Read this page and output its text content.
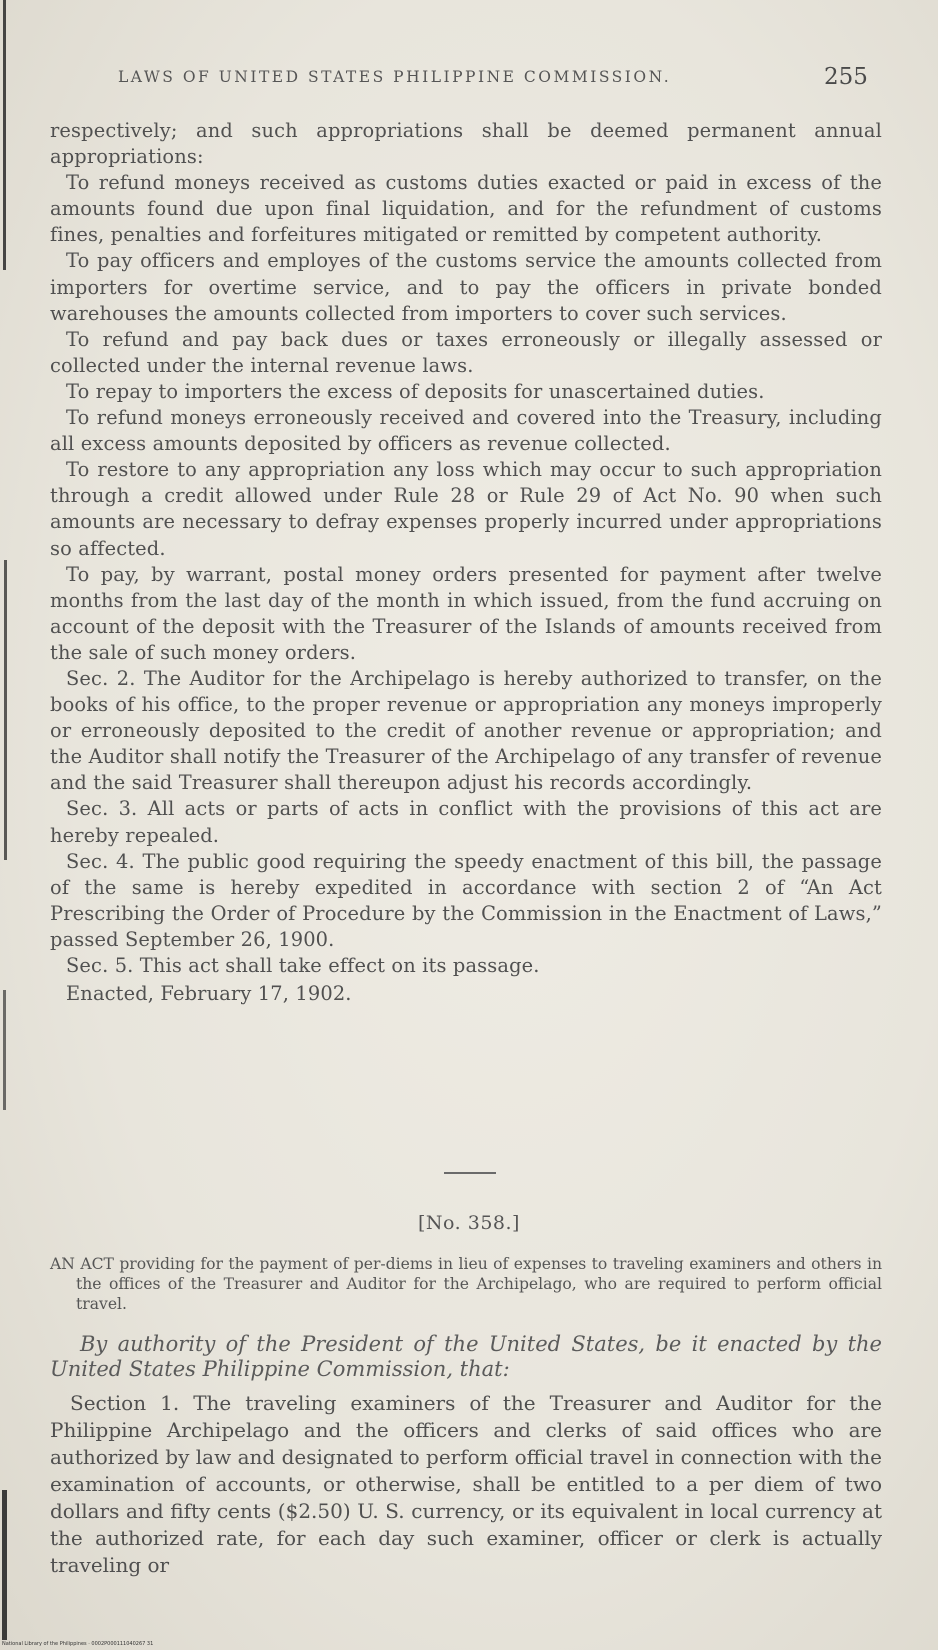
LAWS OF UNITED STATES PHILIPPINE COMMISSION.	255

respectively; and such appropriations shall be deemed permanent annual appropriations:

To refund moneys received as customs duties exacted or paid in excess of the amounts found due upon final liquidation, and for the refundment of customs fines, penalties and forfeitures mitigated or remitted by competent authority.

To pay officers and employes of the customs service the amounts collected from importers for overtime service, and to pay the officers in private bonded warehouses the amounts collected from importers to cover such services.

To refund and pay back dues or taxes erroneously or illegally assessed or collected under the internal revenue laws.

To repay to importers the excess of deposits for unascertained duties.

To refund moneys erroneously received and covered into the Treasury, including all excess amounts deposited by officers as revenue collected.

To restore to any appropriation any loss which may occur to such appropriation through a credit allowed under Rule 28 or Rule 29 of Act No. 90 when such amounts are necessary to defray expenses properly incurred under appropriations so affected.

To pay, by warrant, postal money orders presented for payment after twelve months from the last day of the month in which issued, from the fund accruing on account of the deposit with the Treasurer of the Islands of amounts received from the sale of such money orders.

Sec. 2. The Auditor for the Archipelago is hereby authorized to transfer, on the books of his office, to the proper revenue or appropriation any moneys improperly or erroneously deposited to the credit of another revenue or appropriation; and the Auditor shall notify the Treasurer of the Archipelago of any transfer of revenue and the said Treasurer shall thereupon adjust his records accordingly.

Sec. 3. All acts or parts of acts in conflict with the provisions of this act are hereby repealed.

Sec. 4. The public good requiring the speedy enactment of this bill, the passage of the same is hereby expedited in accordance with section 2 of “An Act Prescribing the Order of Procedure by the Commission in the Enactment of Laws,” passed September 26, 1900.

Sec. 5. This act shall take effect on its passage.

Enacted, February 17, 1902.

[No. 358.]

AN ACT providing for the payment of per-diems in lieu of expenses to traveling examiners and others in the offices of the Treasurer and Auditor for the Archipelago, who are required to perform official travel.

By authority of the President of the United States, be it enacted by the United States Philippine Commission, that:

Section 1. The traveling examiners of the Treasurer and Auditor for the Philippine Archipelago and the officers and clerks of said offices who are authorized by law and designated to perform official travel in connection with the examination of accounts, or otherwise, shall be entitled to a per diem of two dollars and fifty cents ($2.50) U. S. currency, or its equivalent in local currency at the authorized rate, for each day such examiner, officer or clerk is actually traveling or

National Library of the Philippines · 0002P000111040267 31
